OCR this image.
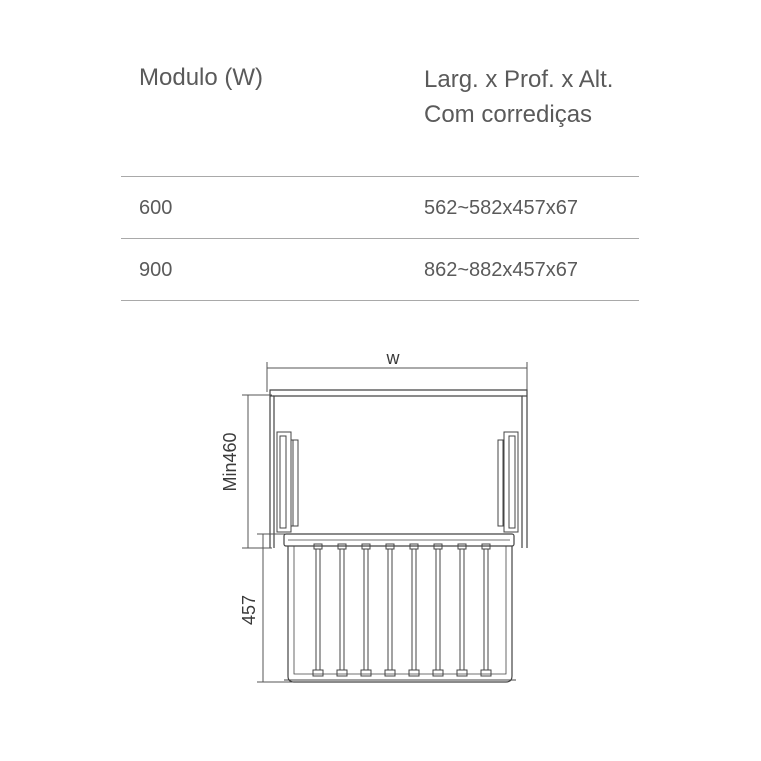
Modulo (W)	Larg. x Prof. x Alt.
Com corrediças
600	562~582x457x67
900	862~882x457x67
w
Min460
457
